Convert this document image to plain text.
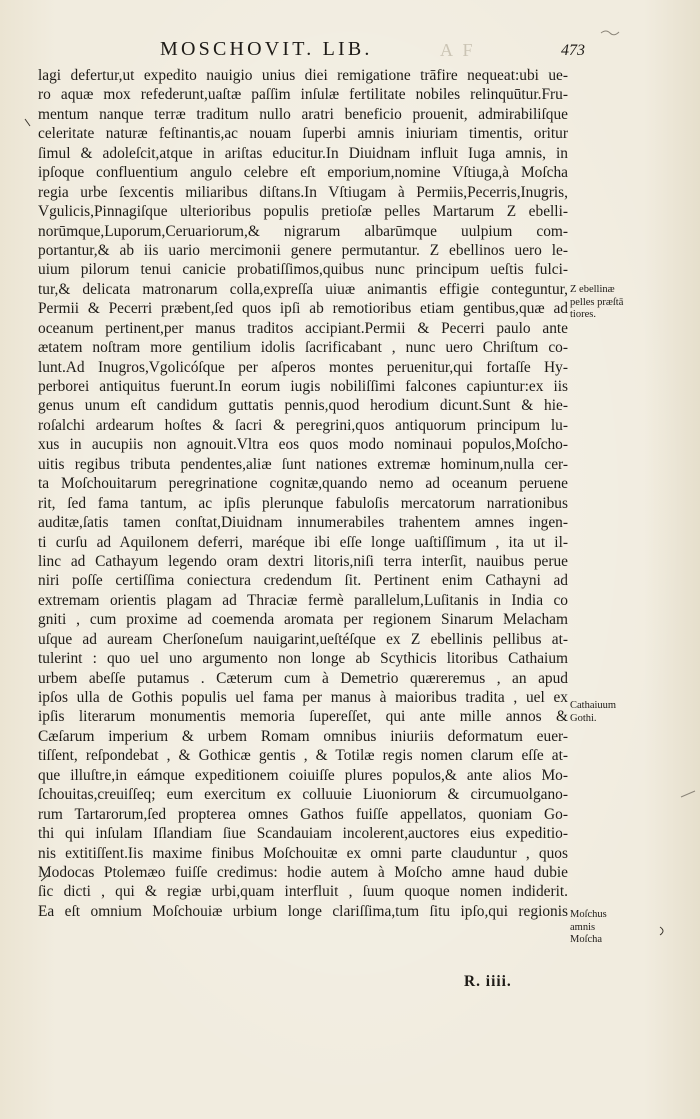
A F
MOSCHOVIT. LIB.	473
lagi defertur,ut expedito nauigio unius diei remigatione trāfire nequeat:ubi ue-
ro aquæ mox refederunt,uaſtæ paſſim inſulæ fertilitate nobiles relinquūtur.Fru-
mentum nanque terræ traditum nullo aratri beneficio prouenit, admirabiliſque
celeritate naturæ feſtinantis,ac nouam ſuperbi amnis iniuriam timentis, oritur
ſimul & adoleſcit,atque in ariſtas educitur.In Diuidnam influit Iuga amnis, in
ipſoque confluentium angulo celebre eſt emporium,nomine Vſtiuga,à Moſcha
regia urbe ſexcentis miliaribus diſtans.In Vſtiugam à Permiis,Pecerris,Inugris,
Vgulicis,Pinnagiſque ulterioribus populis pretioſæ pelles Martarum Z ebelli-
norūmque,Luporum,Ceruariorum,& nigrarum albarūmque uulpium com-
portantur,& ab iis uario mercimonii genere permutantur. Z ebellinos uero le-
uium pilorum tenui canicie probatiſſimos,quibus nunc principum ueſtis fulci-
tur,& delicata matronarum colla,expreſſa uiuæ animantis effigie conteguntur,
Permii & Pecerri præbent,ſed quos ipſi ab remotioribus etiam gentibus,quæ ad
oceanum pertinent,per manus traditos accipiant.Permii & Pecerri paulo ante
ætatem noſtram more gentilium idolis ſacrificabant , nunc uero Chriſtum co-
lunt.Ad Inugros,Vgolicóſque per aſperos montes peruenitur,qui fortaſſe Hy-
perborei antiquitus fuerunt.In eorum iugis nobiliſſimi falcones capiuntur:ex iis
genus unum eſt candidum guttatis pennis,quod herodium dicunt.Sunt & hie-
roſalchi ardearum hoſtes & ſacri & peregrini,quos antiquorum principum lu-
xus in aucupiis non agnouit.Vltra eos quos modo nominaui populos,Moſcho-
uitis regibus tributa pendentes,aliæ ſunt nationes extremæ hominum,nulla cer-
ta Moſchouitarum peregrinatione cognitæ,quando nemo ad oceanum peruene
rit, ſed fama tantum, ac ipſis plerunque fabuloſis mercatorum narrationibus
auditæ,ſatis tamen conſtat,Diuidnam innumerabiles trahentem amnes ingen-
ti curſu ad Aquilonem deferri, maréque ibi eſſe longe uaſtiſſimum , ita ut il-
linc ad Cathayum legendo oram dextri litoris,niſi terra interſit, nauibus perue
niri poſſe certiſſima coniectura credendum ſit. Pertinent enim Cathayni ad
extremam orientis plagam ad Thraciæ fermè parallelum,Luſitanis in India co
gniti , cum proxime ad coemenda aromata per regionem Sinarum Melacham
uſque ad auream Cherſoneſum nauigarint,ueſtéſque ex Z ebellinis pellibus at-
tulerint : quo uel uno argumento non longe ab Scythicis litoribus Cathaium
urbem abeſſe putamus . Cæterum cum à Demetrio quæreremus , an apud
ipſos ulla de Gothis populis uel fama per manus à maioribus tradita , uel ex
ipſis literarum monumentis memoria ſupereſſet, qui ante mille annos &
Cæſarum imperium & urbem Romam omnibus iniuriis deformatum euer-
tiſſent, reſpondebat , & Gothicæ gentis , & Totilæ regis nomen clarum eſſe at-
que illuſtre,in eámque expeditionem coiuiſſe plures populos,& ante alios Mo-
ſchouitas,creuiſſeq; eum exercitum ex colluuie Liuoniorum & circumuolgano-
rum Tartarorum,ſed propterea omnes Gathos fuiſſe appellatos, quoniam Go-
thi qui inſulam Iſlandiam ſiue Scandauiam incolerent,auctores eius expeditio-
nis extitiſſent.Iis maxime finibus Moſchouitæ ex omni parte clauduntur , quos
Modocas Ptolemæo fuiſſe credimus: hodie autem à Moſcho amne haud dubie
ſic dicti , qui & regiæ urbi,quam interfluit , ſuum quoque nomen indiderit.
Ea eſt omnium Moſchouiæ urbium longe clariſſima,tum ſitu ipſo,qui regionis
R. iiii.
Z ebellinæ
pelles præſtā
tiores.
Cathaiuum
Gothi.
Moſchus
amnis
Moſcha
